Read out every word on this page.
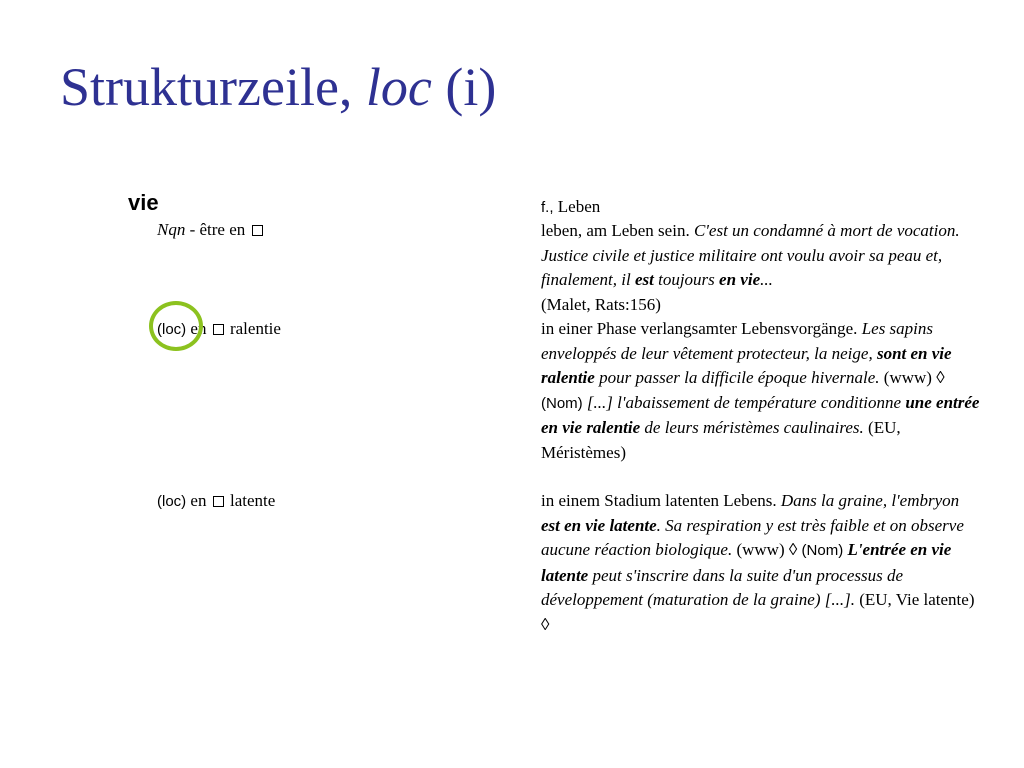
Strukturzeile, loc (i)
vie
Nqn - être en
(loc) en ralentie
(loc) en latente
f., Leben
leben, am Leben sein. C'est un condamné à mort de vocation. Justice civile et justice militaire ont voulu avoir sa peau et, finalement, il est toujours en vie...
(Malet, Rats:156)
in einer Phase verlangsamter Lebensvorgänge. Les sapins enveloppés de leur vêtement protecteur, la neige, sont en vie ralentie pour passer la difficile époque hivernale. (www) ◊ (Nom) [...] l'abaissement de température conditionne une entrée en vie ralentie de leurs méristèmes caulinaires. (EU, Méristèmes)
in einem Stadium latenten Lebens. Dans la graine, l'embryon est en vie latente. Sa respiration y est très faible et on observe aucune réaction biologique. (www) ◊ (Nom) L'entrée en vie latente peut s'inscrire dans la suite d'un processus de développement (maturation de la graine) [...]. (EU, Vie latente) ◊
